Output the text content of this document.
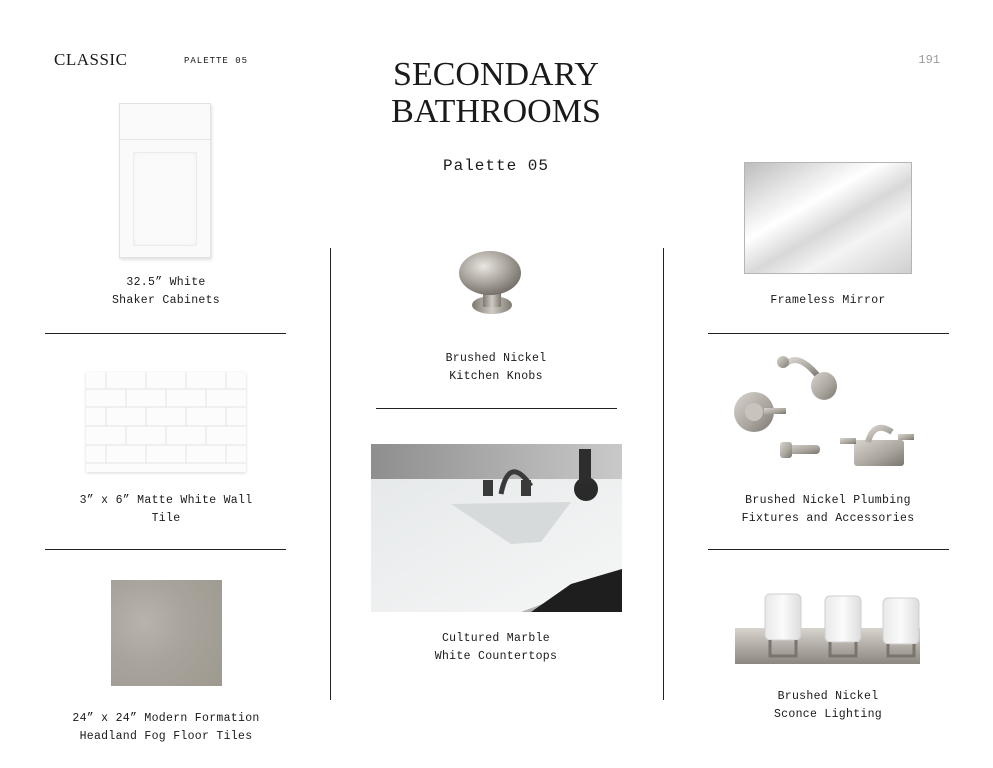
CLASSIC	PALETTE 05	191
SECONDARY
BATHROOMS
Palette 05
32.5” White
Shaker Cabinets
3” x 6” Matte White Wall
Tile
24” x 24” Modern Formation
Headland Fog Floor Tiles
Brushed Nickel
Kitchen Knobs
Cultured Marble
White Countertops
Frameless Mirror
Brushed Nickel Plumbing
Fixtures and Accessories
Brushed Nickel
Sconce Lighting
